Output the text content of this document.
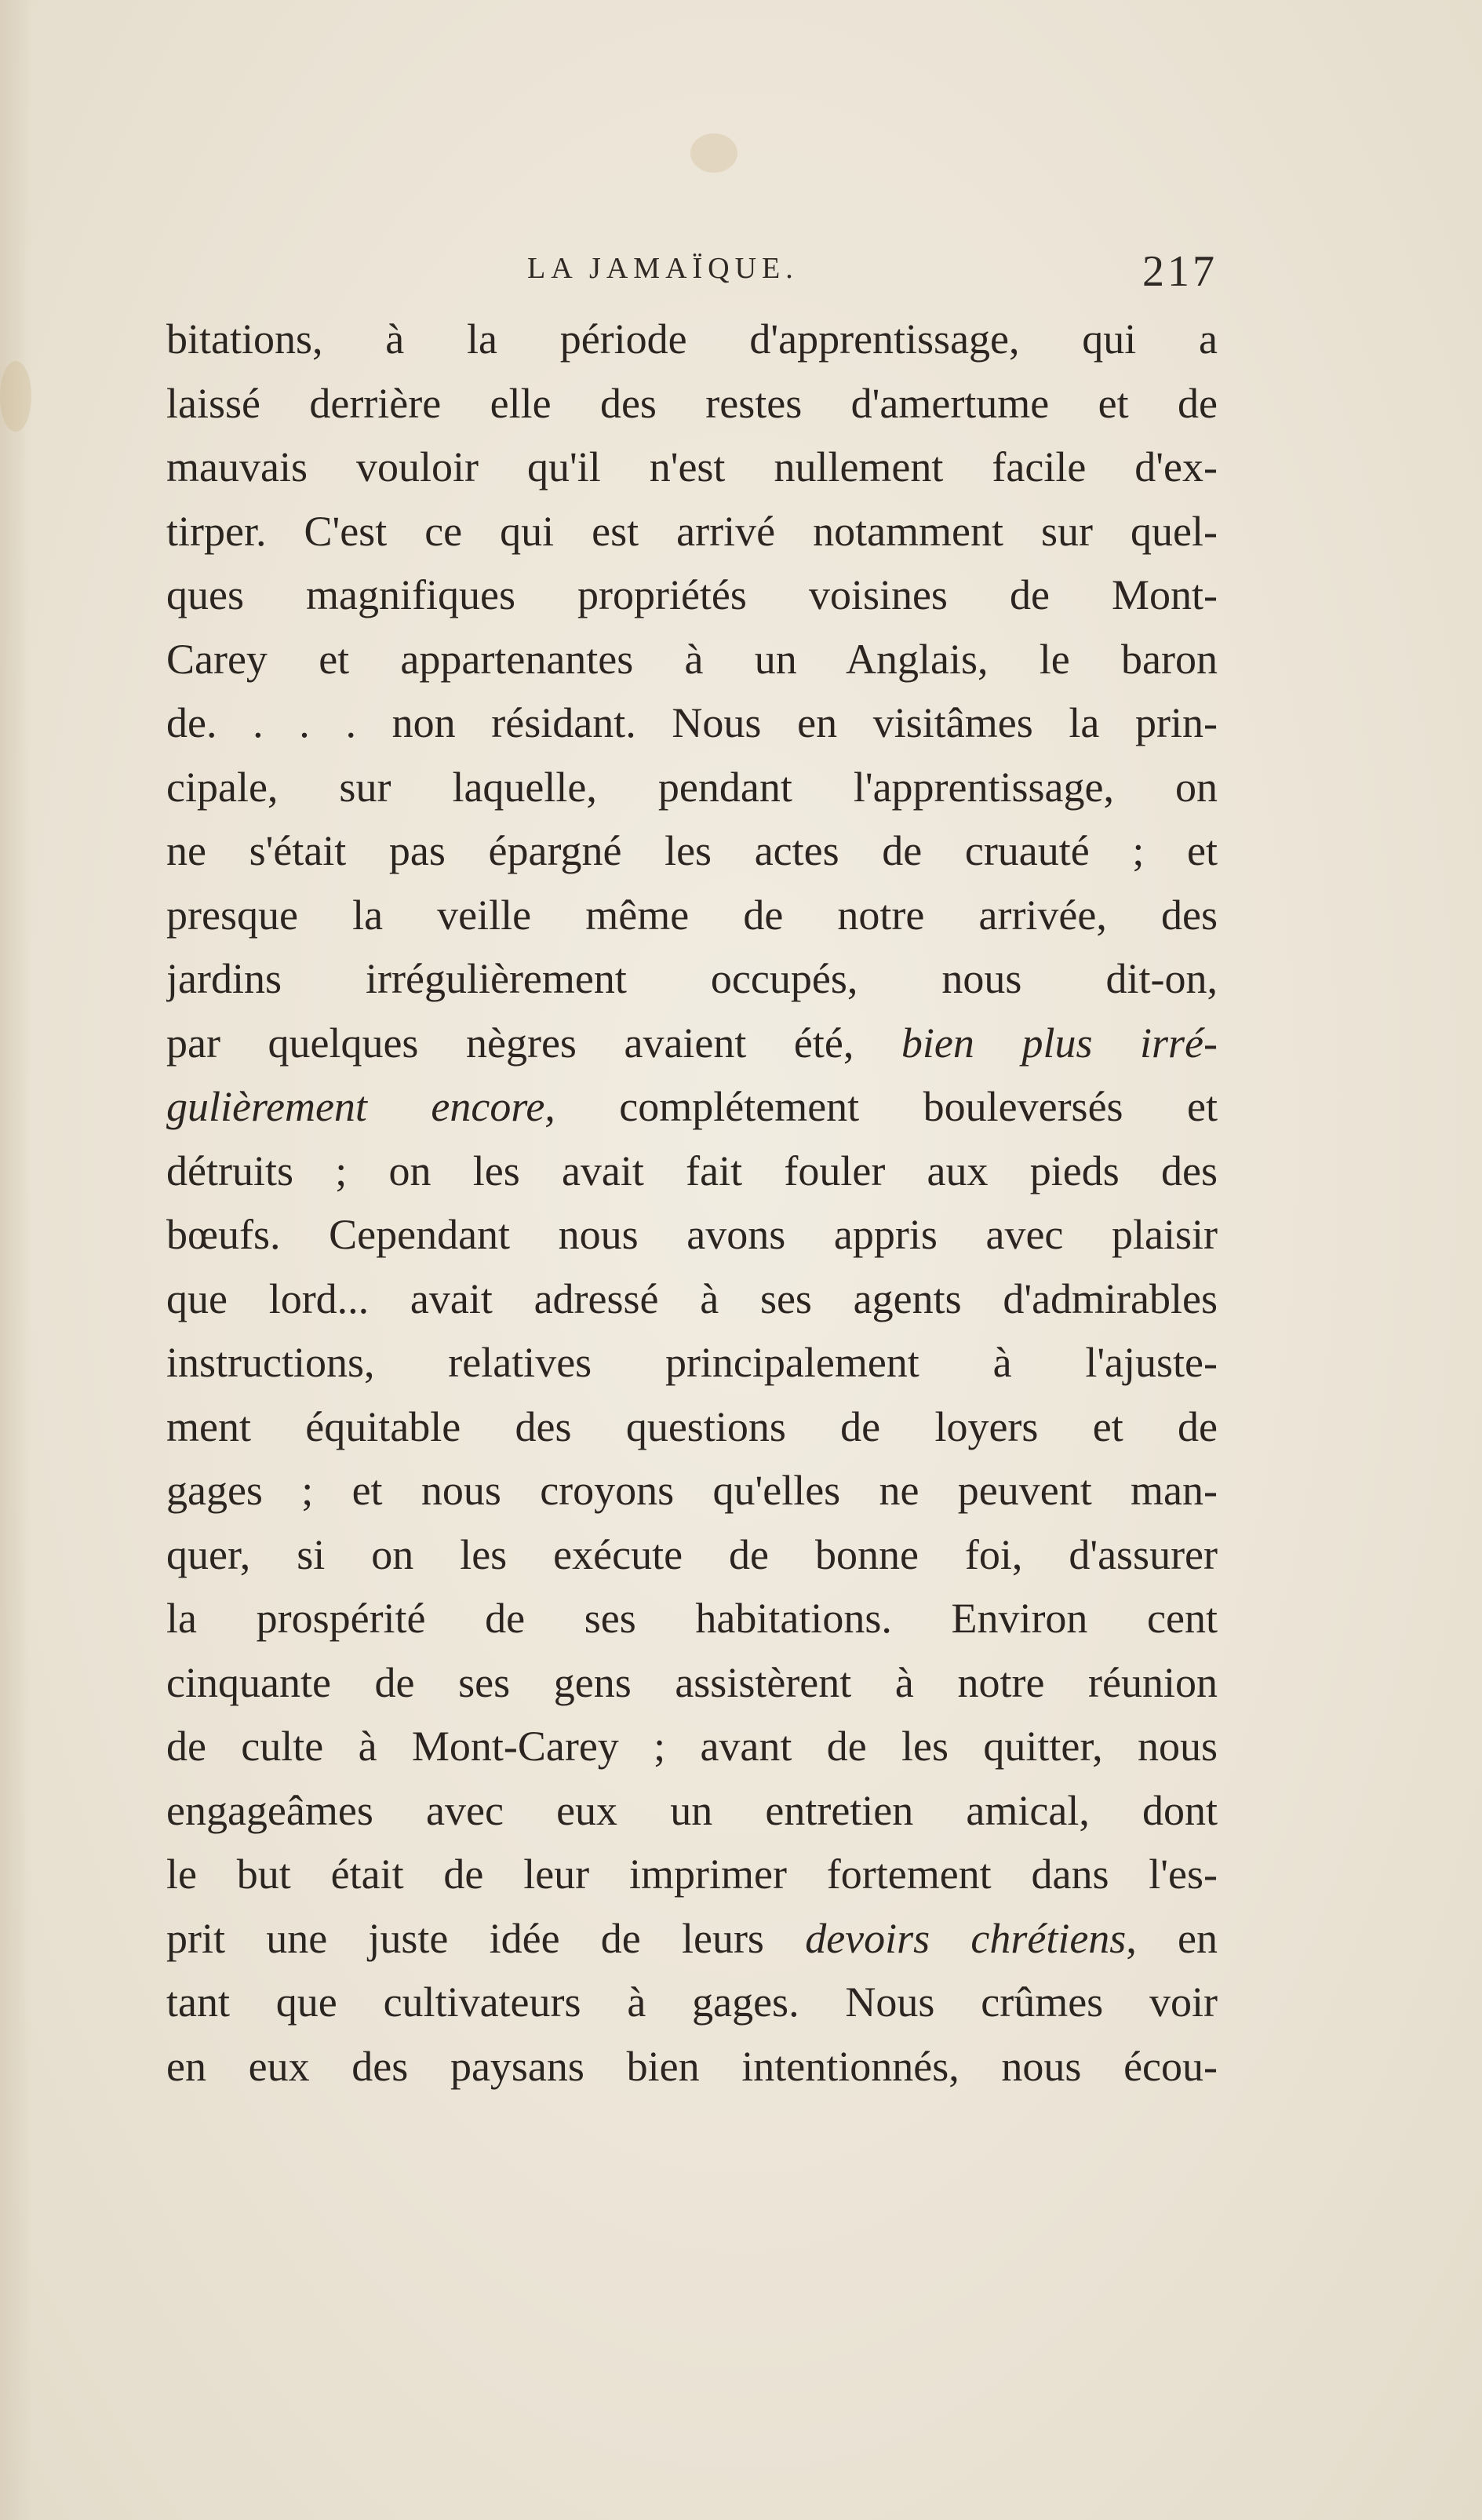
LA JAMAÏQUE.	217
bitations, à la période d'apprentissage, qui a
laissé derrière elle des restes d'amertume et de
mauvais vouloir qu'il n'est nullement facile d'ex-
tirper. C'est ce qui est arrivé notamment sur quel-
ques magnifiques propriétés voisines de Mont-
Carey et appartenantes à un Anglais, le baron
de. . . . non résidant. Nous en visitâmes la prin-
cipale, sur laquelle, pendant l'apprentissage, on
ne s'était pas épargné les actes de cruauté ; et
presque la veille même de notre arrivée, des
jardins irrégulièrement occupés, nous dit-on,
par quelques nègres avaient été, bien plus irré-
gulièrement encore, complétement bouleversés et
détruits ; on les avait fait fouler aux pieds des
bœufs. Cependant nous avons appris avec plaisir
que lord... avait adressé à ses agents d'admirables
instructions, relatives principalement à l'ajuste-
ment équitable des questions de loyers et de
gages ; et nous croyons qu'elles ne peuvent man-
quer, si on les exécute de bonne foi, d'assurer
la prospérité de ses habitations. Environ cent
cinquante de ses gens assistèrent à notre réunion
de culte à Mont-Carey ; avant de les quitter, nous
engageâmes avec eux un entretien amical, dont
le but était de leur imprimer fortement dans l'es-
prit une juste idée de leurs devoirs chrétiens, en
tant que cultivateurs à gages. Nous crûmes voir
en eux des paysans bien intentionnés, nous écou-
